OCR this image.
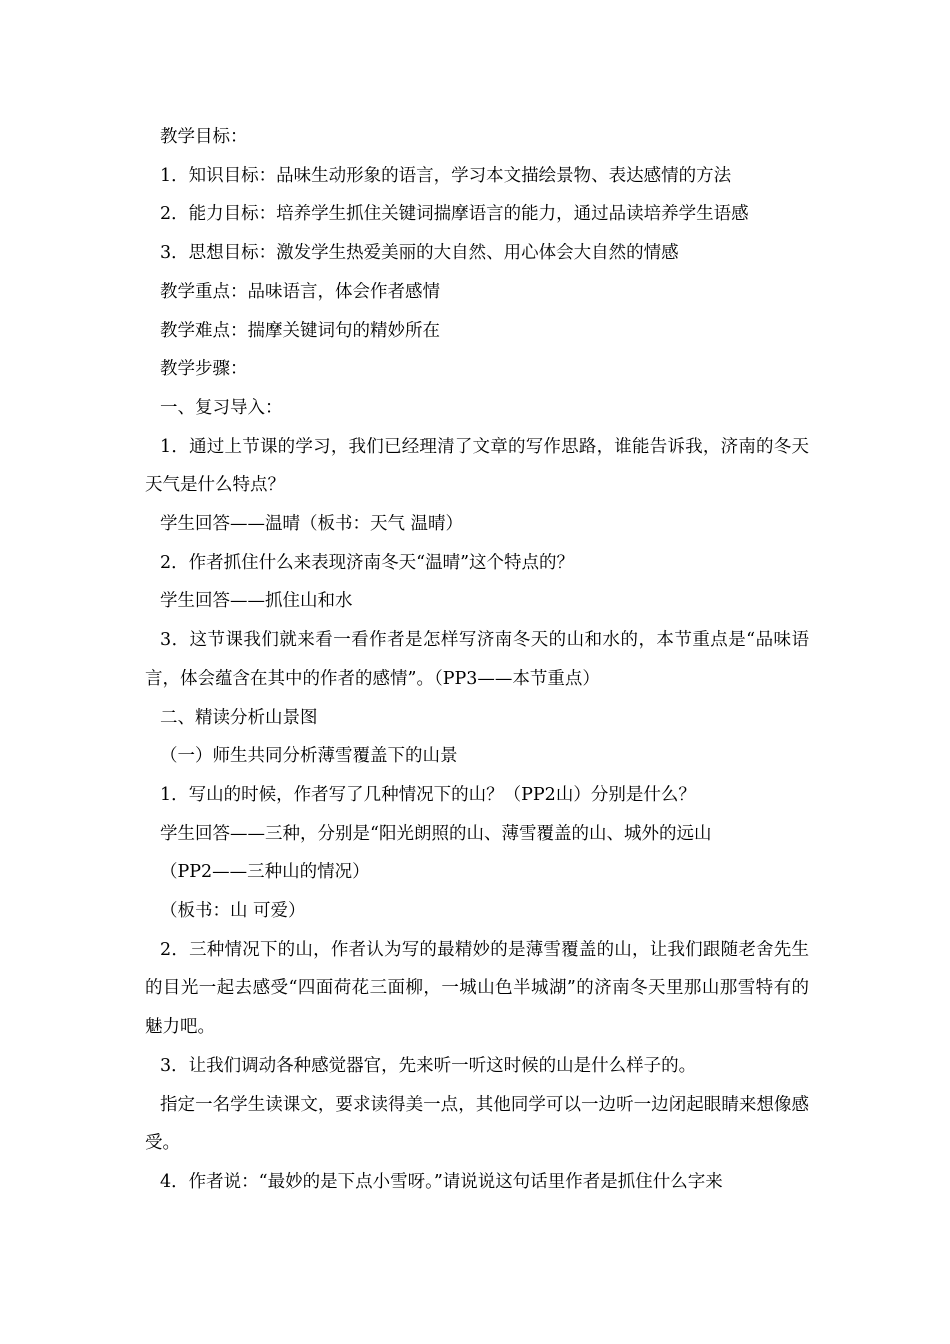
教学目标：

1．知识目标：品味生动形象的语言，学习本文描绘景物、表达感情的方法

2．能力目标：培养学生抓住关键词揣摩语言的能力，通过品读培养学生语感

3．思想目标：激发学生热爱美丽的大自然、用心体会大自然的情感

教学重点：品味语言，体会作者感情

教学难点：揣摩关键词句的精妙所在

教学步骤：

一、复习导入：

1．通过上节课的学习，我们已经理清了文章的写作思路，谁能告诉我，济南的冬天天气是什么特点？

学生回答——温晴（板书：天气 温晴）

2．作者抓住什么来表现济南冬天“温晴”这个特点的？

学生回答——抓住山和水

3．这节课我们就来看一看作者是怎样写济南冬天的山和水的，本节重点是“品味语言，体会蕴含在其中的作者的感情”。（PP3——本节重点）

二、精读分析山景图

（一）师生共同分析薄雪覆盖下的山景

1．写山的时候，作者写了几种情况下的山？（PP2山）分别是什么？

学生回答——三种，分别是“阳光朗照的山、薄雪覆盖的山、城外的远山

（PP2——三种山的情况）

（板书：山 可爱）

2．三种情况下的山，作者认为写的最精妙的是薄雪覆盖的山，让我们跟随老舍先生的目光一起去感受“四面荷花三面柳，一城山色半城湖”的济南冬天里那山那雪特有的魅力吧。

3．让我们调动各种感觉器官，先来听一听这时候的山是什么样子的。

指定一名学生读课文，要求读得美一点，其他同学可以一边听一边闭起眼睛来想像感受。

4．作者说：“最妙的是下点小雪呀。”请说说这句话里作者是抓住什么字来
